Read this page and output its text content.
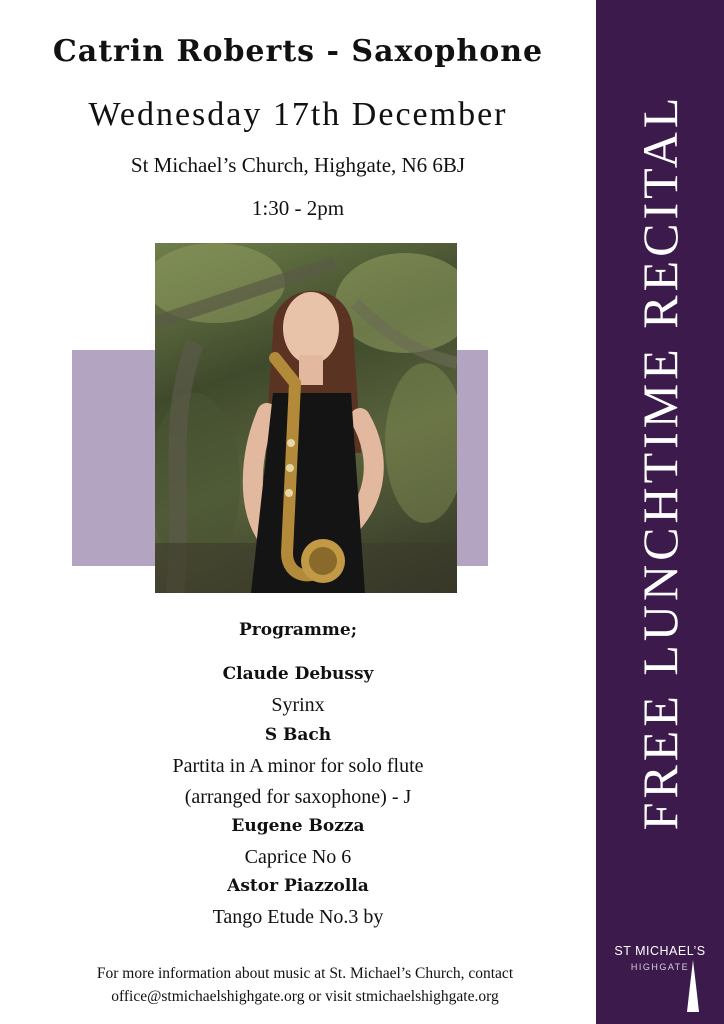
Catrin Roberts - Saxophone
Wednesday 17th December
St Michael’s Church, Highgate, N6 6BJ
1:30 - 2pm
Programme;
Claude Debussy
Syrinx
S Bach
Partita in A minor for solo flute
(arranged for saxophone) - J
Eugene Bozza
Caprice No 6
Astor Piazzolla
Tango Etude No.3 by
For more information about music at St. Michael’s Church, contact
office@stmichaelshighgate.org or visit stmichaelshighgate.org
FREE LUNCHTIME RECITAL
ST MICHAEL’S
HIGHGATE
